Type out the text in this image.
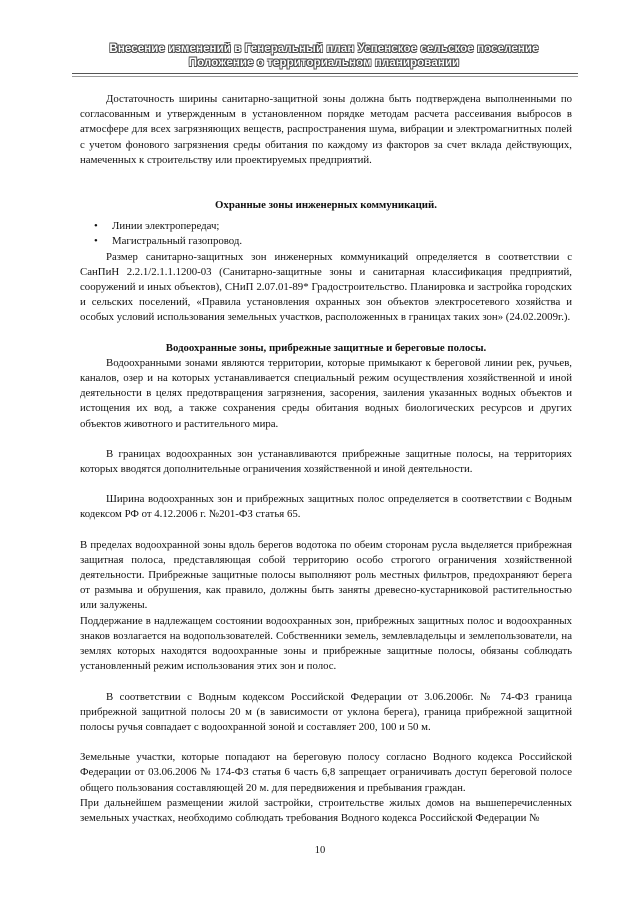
Внесение изменений в Генеральный план Успенское сельское поселение
Положение о территориальном планировании

Достаточность ширины санитарно-защитной зоны должна быть подтверждена выполненными по согласованным и утвержденным в установленном порядке методам расчета рассеивания выбросов в атмосфере для всех загрязняющих веществ, распространения шума, вибрации и электромагнитных полей с учетом фонового загрязнения среды обитания по каждому из факторов за счет вклада действующих, намеченных к строительству или проектируемых предприятий.

Охранные зоны инженерных коммуникаций.

• Линии электропередач;
• Магистральный газопровод.

Размер санитарно-защитных зон инженерных коммуникаций определяется в соответствии с СанПиН 2.2.1/2.1.1.1200-03 (Санитарно-защитные зоны и санитарная классификация предприятий, сооружений и иных объектов), СНиП 2.07.01-89* Градостроительство. Планировка и застройка городских и сельских поселений, «Правила установления охранных зон объектов электросетевого хозяйства и особых условий использования земельных участков, расположенных в границах таких зон» (24.02.2009г.).

Водоохранные зоны, прибрежные защитные и береговые полосы.

Водоохранными зонами являются территории, которые примыкают к береговой линии рек, ручьев, каналов, озер и на которых устанавливается специальный режим осуществления хозяйственной и иной деятельности в целях предотвращения загрязнения, засорения, заиления указанных водных объектов и истощения их вод, а также сохранения среды обитания водных биологических ресурсов и других объектов животного и растительного мира.

В границах водоохранных зон устанавливаются прибрежные защитные полосы, на территориях которых вводятся дополнительные ограничения хозяйственной и иной деятельности.

Ширина водоохранных зон и прибрежных защитных полос определяется в соответствии с Водным кодексом РФ от 4.12.2006 г. №201-ФЗ статья 65.

В пределах водоохранной зоны вдоль берегов водотока по обеим сторонам русла выделяется прибрежная защитная полоса, представляющая собой территорию особо строгого ограничения хозяйственной деятельности. Прибрежные защитные полосы выполняют роль местных фильтров, предохраняют берега от размыва и обрушения, как правило, должны быть заняты древесно-кустарниковой растительностью или залужены.

Поддержание в надлежащем состоянии водоохранных зон, прибрежных защитных полос и водоохранных знаков возлагается на водопользователей. Собственники земель, землевладельцы и землепользователи, на землях которых находятся водоохранные зоны и прибрежные защитные полосы, обязаны соблюдать установленный режим использования этих зон и полос.

В соответствии с Водным кодексом Российской Федерации от 3.06.2006г. № 74-ФЗ граница прибрежной защитной полосы 20 м (в зависимости от уклона берега), граница прибрежной защитной полосы ручья совпадает с водоохранной зоной и составляет 200, 100 и 50 м.

Земельные участки, которые попадают на береговую полосу согласно Водного кодекса Российской Федерации от 03.06.2006 № 174-ФЗ статья 6 часть 6,8 запрещает ограничивать доступ береговой полосе общего пользования составляющей 20 м. для передвижения и пребывания граждан.

При дальнейшем размещении жилой застройки, строительстве жилых домов на вышеперечисленных земельных участках, необходимо соблюдать требования Водного кодекса Российской Федерации №

10
